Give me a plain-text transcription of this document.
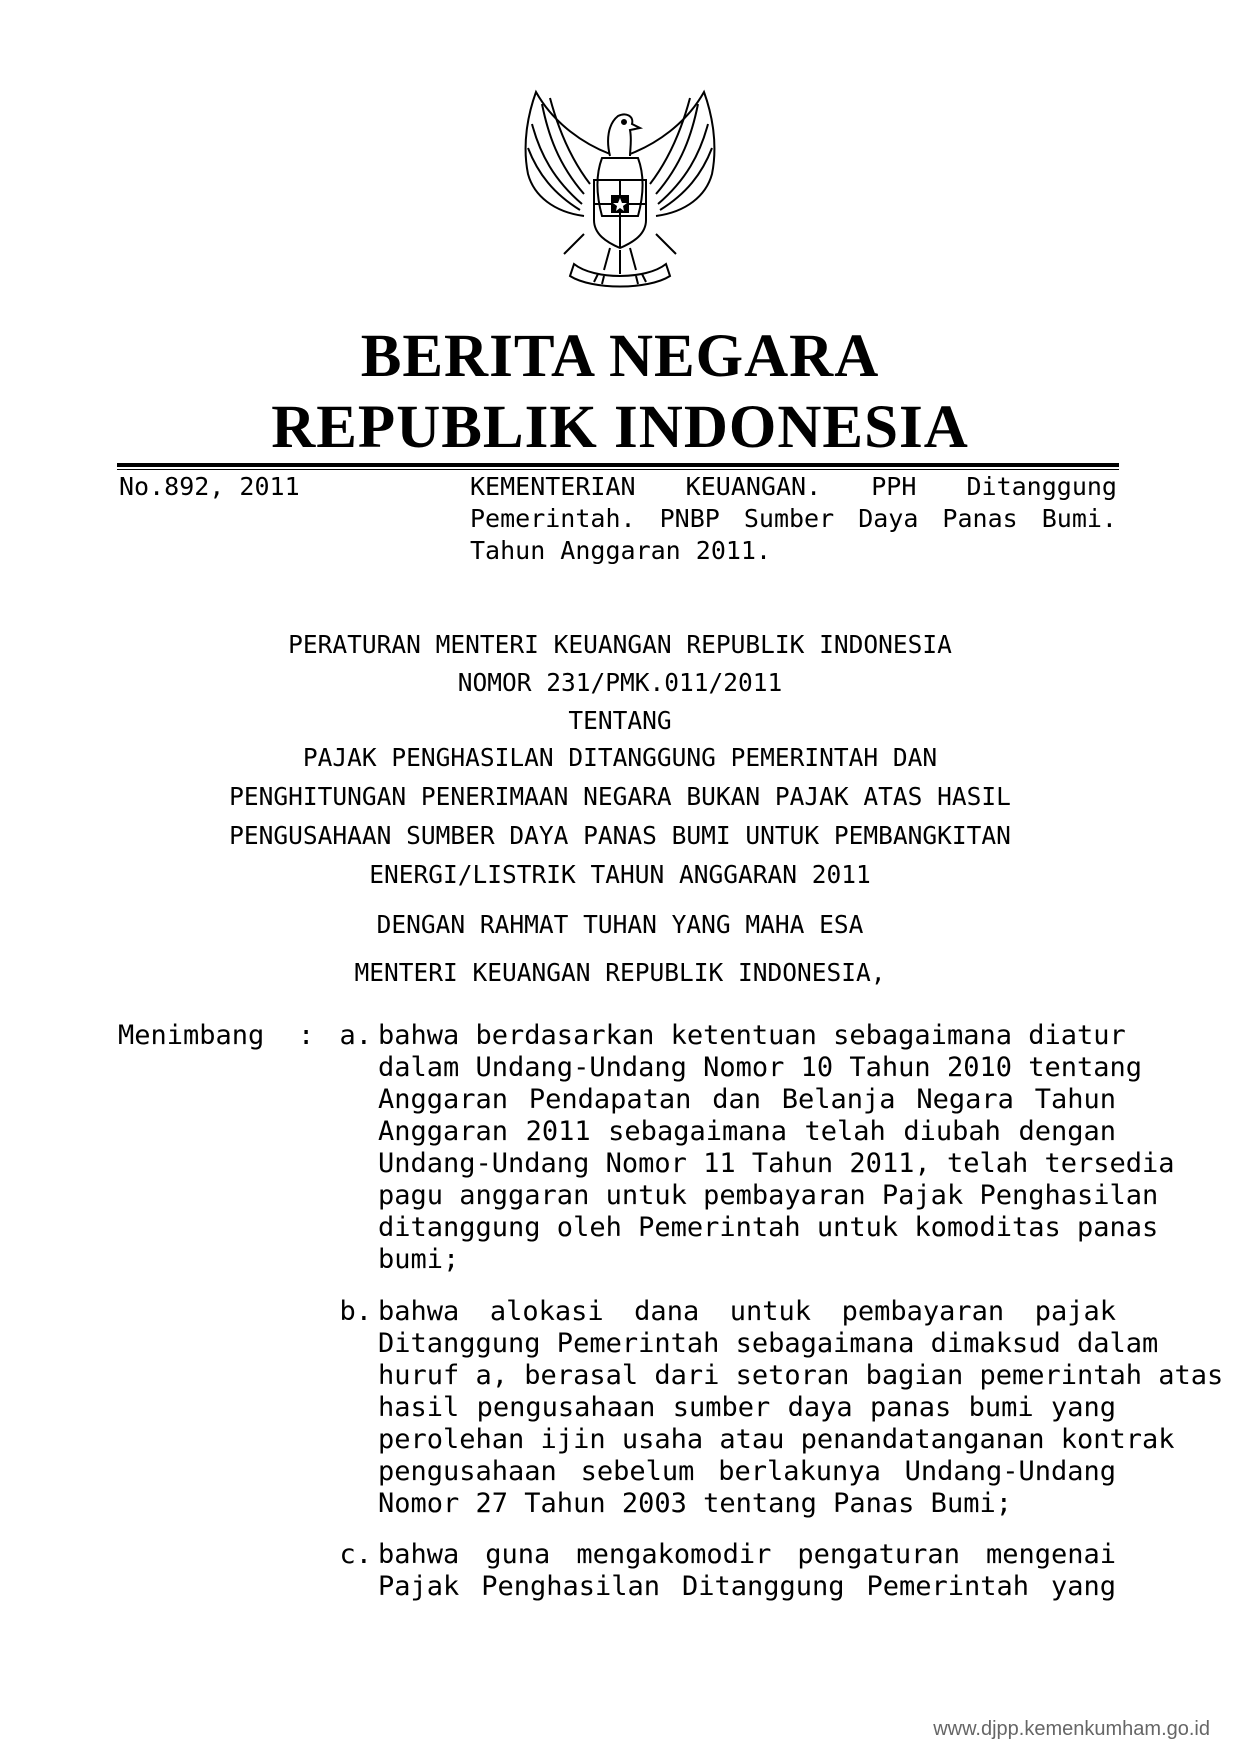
BERITA NEGARA
REPUBLIK INDONESIA
No.892, 2011	KEMENTERIAN KEUANGAN. PPH Ditanggung Pemerintah. PNBP Sumber Daya Panas Bumi. Tahun Anggaran 2011.
PERATURAN MENTERI KEUANGAN REPUBLIK INDONESIA
NOMOR 231/PMK.011/2011
TENTANG
PAJAK PENGHASILAN DITANGGUNG PEMERINTAH DAN
PENGHITUNGAN PENERIMAAN NEGARA BUKAN PAJAK ATAS HASIL
PENGUSAHAAN SUMBER DAYA PANAS BUMI UNTUK PEMBANGKITAN
ENERGI/LISTRIK TAHUN ANGGARAN 2011
DENGAN RAHMAT TUHAN YANG MAHA ESA
MENTERI KEUANGAN REPUBLIK INDONESIA,
Menimbang : a. bahwa berdasarkan ketentuan sebagaimana diatur
dalam Undang-Undang Nomor 10 Tahun 2010 tentang
Anggaran Pendapatan dan Belanja Negara Tahun
Anggaran 2011 sebagaimana telah diubah dengan
Undang-Undang Nomor 11 Tahun 2011, telah tersedia
pagu anggaran untuk pembayaran Pajak Penghasilan
ditanggung oleh Pemerintah untuk komoditas panas
bumi;
b. bahwa alokasi dana untuk pembayaran pajak
Ditanggung Pemerintah sebagaimana dimaksud dalam
huruf a, berasal dari setoran bagian pemerintah atas
hasil pengusahaan sumber daya panas bumi yang
perolehan ijin usaha atau penandatanganan kontrak
pengusahaan sebelum berlakunya Undang-Undang
Nomor 27 Tahun 2003 tentang Panas Bumi;
c. bahwa guna mengakomodir pengaturan mengenai
Pajak Penghasilan Ditanggung Pemerintah yang
www.djpp.kemenkumham.go.id
